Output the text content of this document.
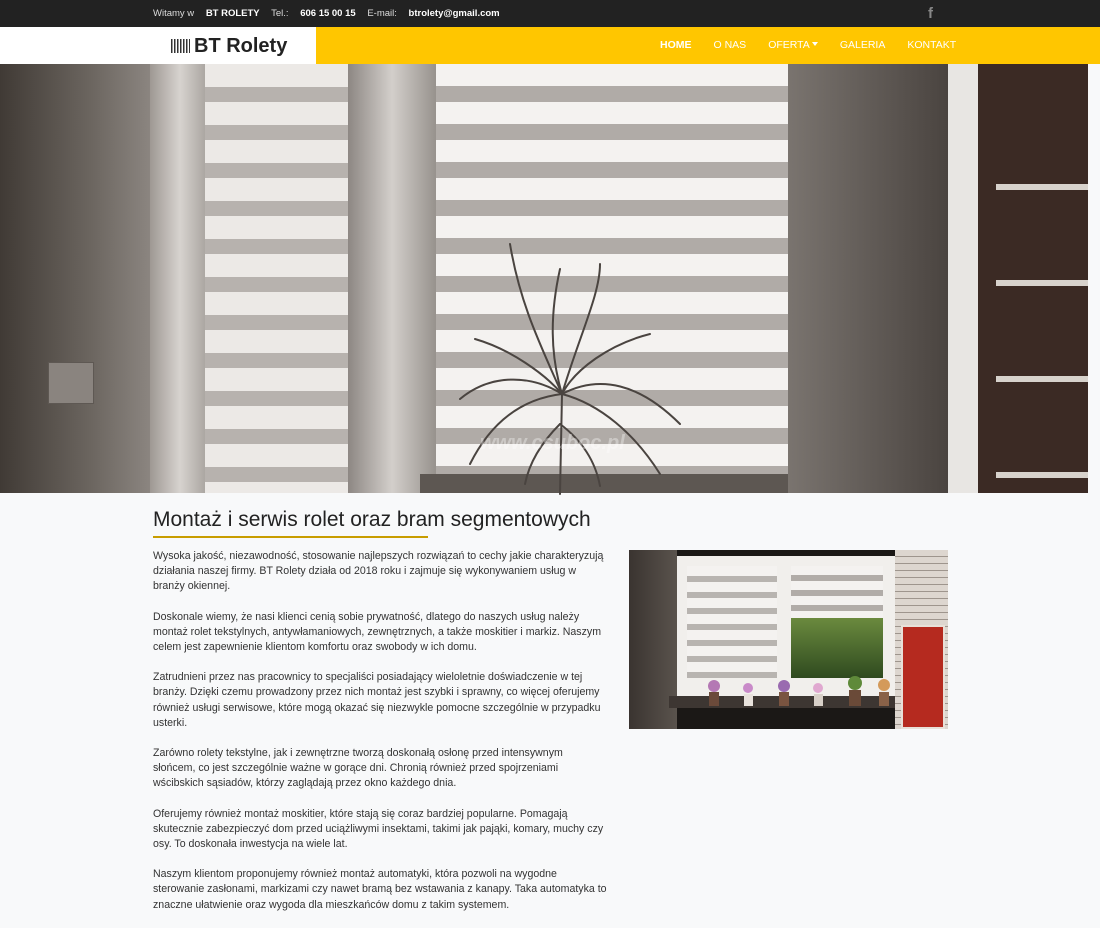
Witamy w BT ROLETY Tel.: 606 15 00 15 E-mail: btrolety@gmail.com	f
BT Rolety	HOME O NAS OFERTA	GALERIA KONTAKT
www.csuboc.pl
Montaż i serwis rolet oraz bram segmentowych

Wysoka jakość, niezawodność, stosowanie najlepszych rozwiązań to cechy jakie charakteryzują działania naszej firmy. BT Rolety działa od 2018 roku i zajmuje się wykonywaniem usług w branży okiennej.

Doskonale wiemy, że nasi klienci cenią sobie prywatność, dlatego do naszych usług należy montaż rolet tekstylnych, antywłamaniowych, zewnętrznych, a także moskitier i markiz. Naszym celem jest zapewnienie klientom komfortu oraz swobody w ich domu.

Zatrudnieni przez nas pracownicy to specjaliści posiadający wieloletnie doświadczenie w tej branży. Dzięki czemu prowadzony przez nich montaż jest szybki i sprawny, co więcej oferujemy również usługi serwisowe, które mogą okazać się niezwykle pomocne szczególnie w przypadku usterki.

Zarówno rolety tekstylne, jak i zewnętrzne tworzą doskonałą osłonę przed intensywnym słońcem, co jest szczególnie ważne w gorące dni. Chronią również przed spojrzeniami wścibskich sąsiadów, którzy zaglądają przez okno każdego dnia.

Oferujemy również montaż moskitier, które stają się coraz bardziej popularne. Pomagają skutecznie zabezpieczyć dom przed uciążliwymi insektami, takimi jak pająki, komary, muchy czy osy. To doskonała inwestycja na wiele lat.

Naszym klientom proponujemy również montaż automatyki, która pozwoli na wygodne sterowanie zasłonami, markizami czy nawet bramą bez wstawania z kanapy. Taka automatyka to znaczne ułatwienie oraz wygoda dla mieszkańców domu z takim systemem.
